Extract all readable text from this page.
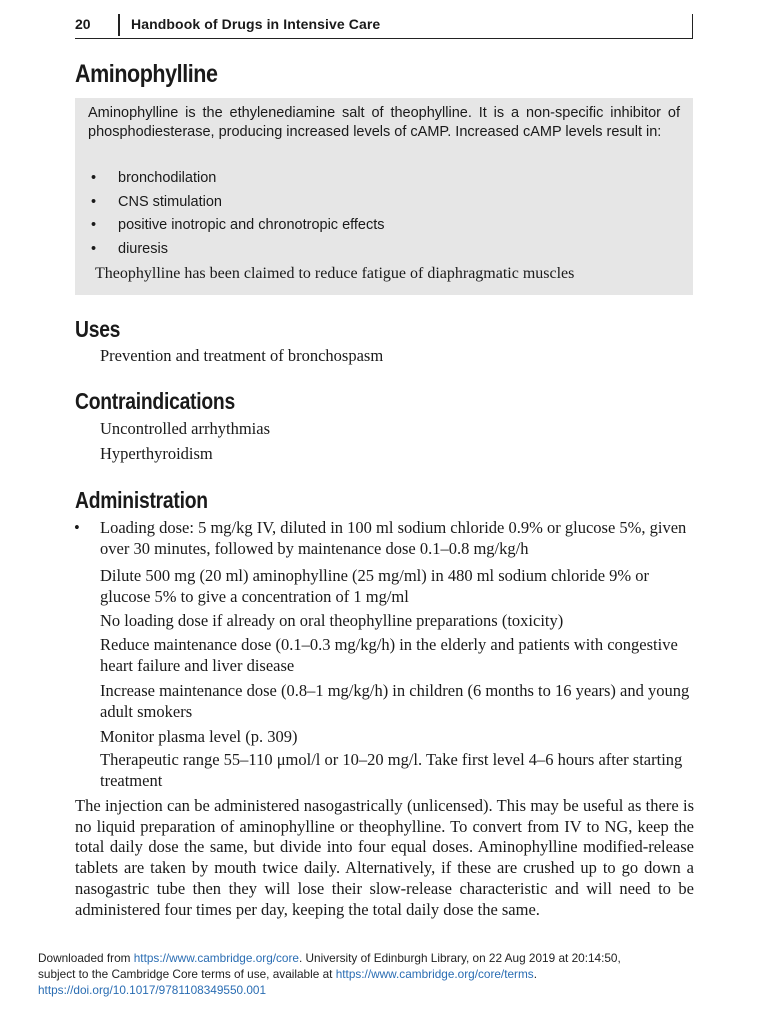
20	Handbook of Drugs in Intensive Care
Aminophylline

Aminophylline is the ethylenediamine salt of theophylline. It is a non-specific inhibitor of phosphodiesterase, producing increased levels of cAMP. Increased cAMP levels result in:

• bronchodilation
• CNS stimulation
• positive inotropic and chronotropic effects
• diuresis

Theophylline has been claimed to reduce fatigue of diaphragmatic muscles

Uses

Prevention and treatment of bronchospasm

Contraindications

Uncontrolled arrhythmias

Hyperthyroidism

Administration
• Loading dose: 5 mg/kg IV, diluted in 100 ml sodium chloride 0.9% or glucose 5%, given over 30 minutes, followed by maintenance dose 0.1–0.8 mg/kg/h

Dilute 500 mg (20 ml) aminophylline (25 mg/ml) in 480 ml sodium chloride 9% or glucose 5% to give a concentration of 1 mg/ml

No loading dose if already on oral theophylline preparations (toxicity)

Reduce maintenance dose (0.1–0.3 mg/kg/h) in the elderly and patients with congestive heart failure and liver disease

Increase maintenance dose (0.8–1 mg/kg/h) in children (6 months to 16 years) and young adult smokers

Monitor plasma level (p. 309)

Therapeutic range 55–110 μmol/l or 10–20 mg/l. Take first level 4–6 hours after starting treatment

The injection can be administered nasogastrically (unlicensed). This may be useful as there is no liquid preparation of aminophylline or theophylline. To convert from IV to NG, keep the total daily dose the same, but divide into four equal doses. Aminophylline modified-release tablets are taken by mouth twice daily. Alternatively, if these are crushed up to go down a nasogastric tube then they will lose their slow-release characteristic and will need to be administered four times per day, keeping the total daily dose the same.

Downloaded from https://www.cambridge.org/core. University of Edinburgh Library, on 22 Aug 2019 at 20:14:50,
subject to the Cambridge Core terms of use, available at https://www.cambridge.org/core/terms.
https://doi.org/10.1017/9781108349550.001
